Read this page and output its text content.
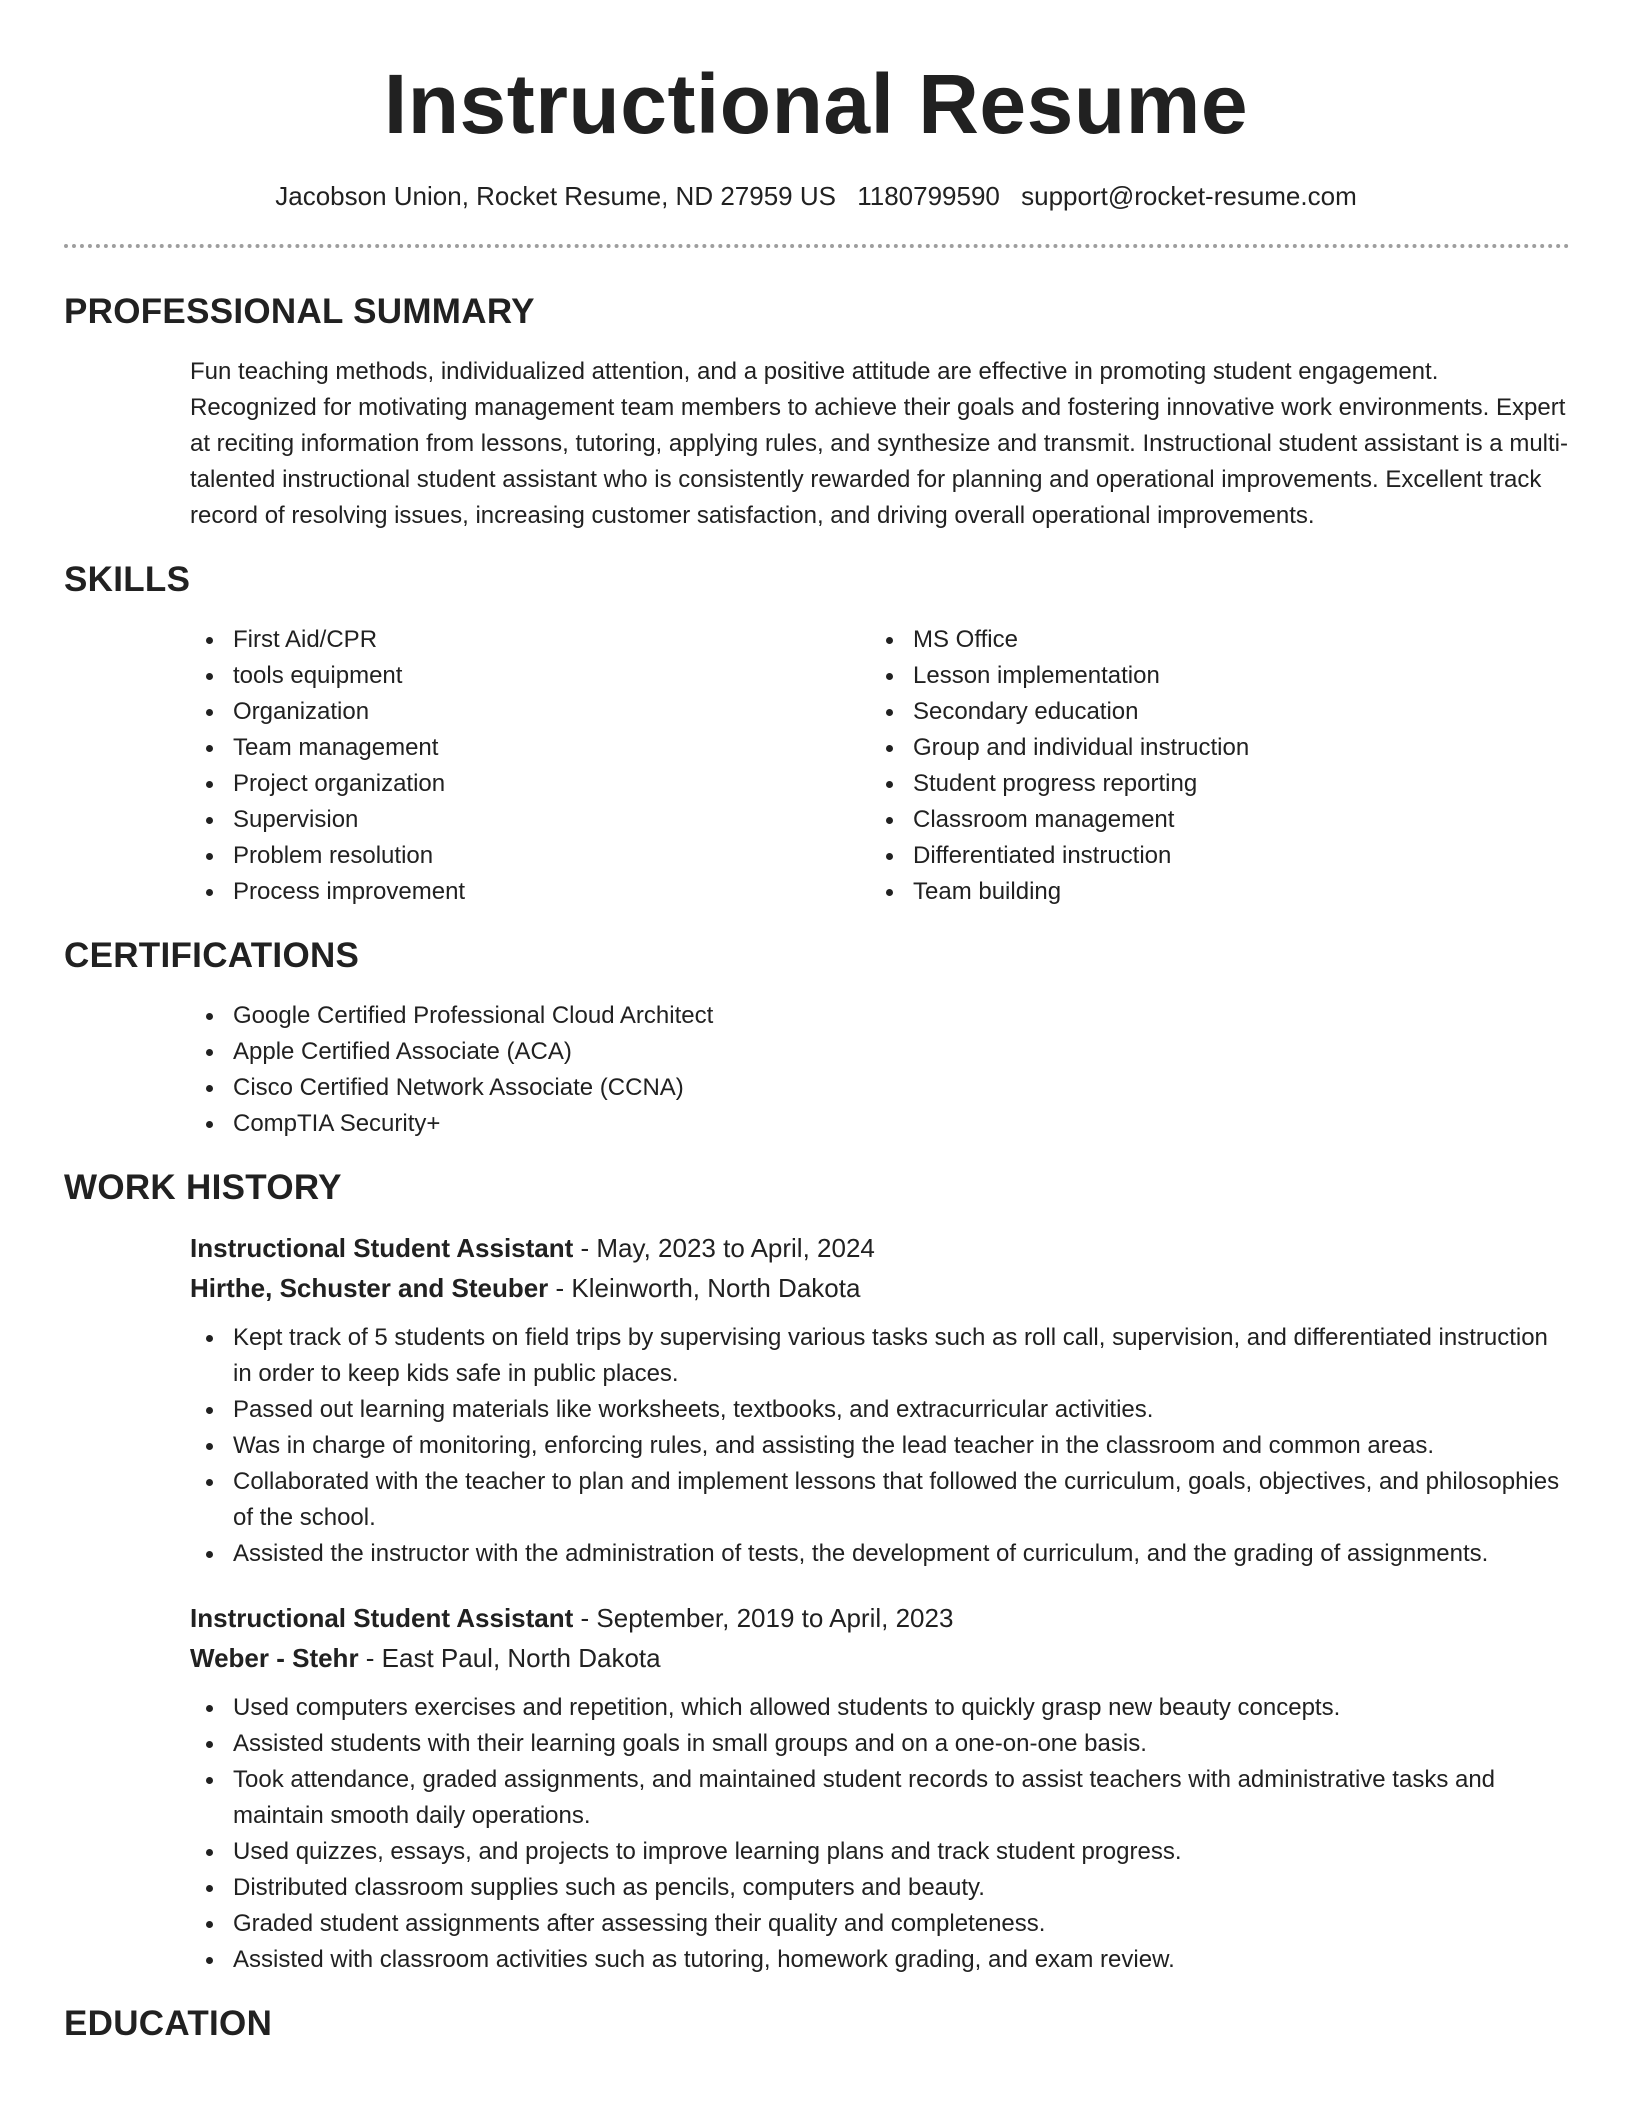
Instructional Resume
Jacobson Union, Rocket Resume, ND 27959 US 1180799590 support@rocket-resume.com
PROFESSIONAL SUMMARY

Fun teaching methods, individualized attention, and a positive attitude are effective in promoting student engagement. Recognized for motivating management team members to achieve their goals and fostering innovative work environments. Expert at reciting information from lessons, tutoring, applying rules, and synthesize and transmit. Instructional student assistant is a multi-talented instructional student assistant who is consistently rewarded for planning and operational improvements. Excellent track record of resolving issues, increasing customer satisfaction, and driving overall operational improvements.

SKILLS
First Aid/CPR
tools equipment
Organization
Team management
Project organization
Supervision
Problem resolution
Process improvement
MS Office
Lesson implementation
Secondary education
Group and individual instruction
Student progress reporting
Classroom management
Differentiated instruction
Team building
CERTIFICATIONS
Google Certified Professional Cloud Architect
Apple Certified Associate (ACA)
Cisco Certified Network Associate (CCNA)
CompTIA Security+
WORK HISTORY
Instructional Student Assistant - May, 2023 to April, 2024
Hirthe, Schuster and Steuber - Kleinworth, North Dakota
Kept track of 5 students on field trips by supervising various tasks such as roll call, supervision, and differentiated instruction in order to keep kids safe in public places.
Passed out learning materials like worksheets, textbooks, and extracurricular activities.
Was in charge of monitoring, enforcing rules, and assisting the lead teacher in the classroom and common areas.
Collaborated with the teacher to plan and implement lessons that followed the curriculum, goals, objectives, and philosophies of the school.
Assisted the instructor with the administration of tests, the development of curriculum, and the grading of assignments.
Instructional Student Assistant - September, 2019 to April, 2023
Weber - Stehr - East Paul, North Dakota
Used computers exercises and repetition, which allowed students to quickly grasp new beauty concepts.
Assisted students with their learning goals in small groups and on a one-on-one basis.
Took attendance, graded assignments, and maintained student records to assist teachers with administrative tasks and maintain smooth daily operations.
Used quizzes, essays, and projects to improve learning plans and track student progress.
Distributed classroom supplies such as pencils, computers and beauty.
Graded student assignments after assessing their quality and completeness.
Assisted with classroom activities such as tutoring, homework grading, and exam review.
EDUCATION
